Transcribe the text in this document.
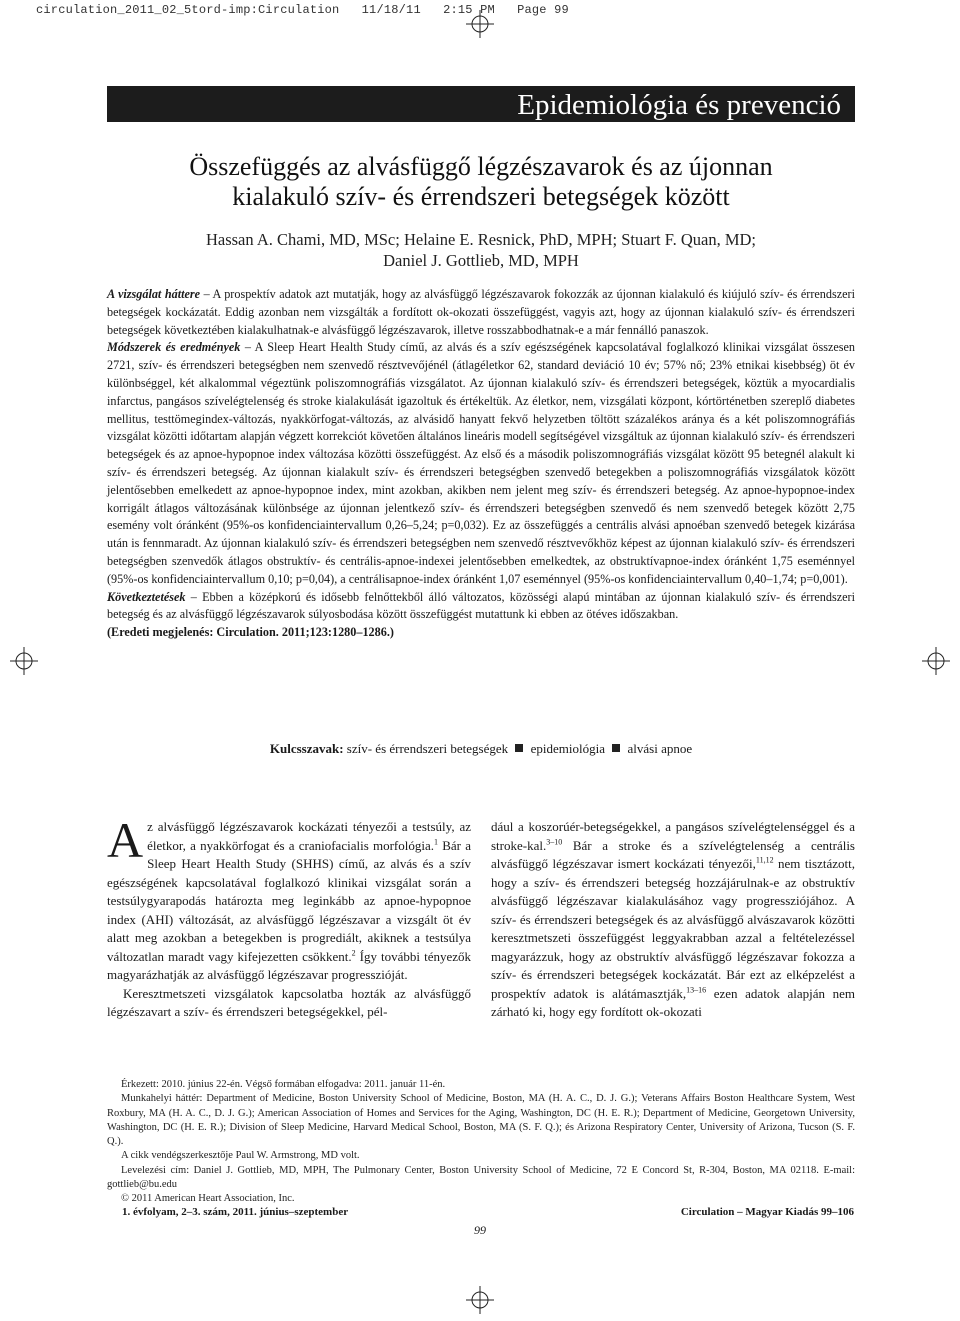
circulation_2011_02_5tord-imp:Circulation   11/18/11   2:15 PM   Page 99
Epidemiológia és prevenció
Összefüggés az alvásfüggő légzészavarok és az újonnan
kialakuló szív- és érrendszeri betegségek között
Hassan A. Chami, MD, MSc; Helaine E. Resnick, PhD, MPH; Stuart F. Quan, MD;
Daniel J. Gottlieb, MD, MPH

A vizsgálat háttere – A prospektív adatok azt mutatják, hogy az alvásfüggő légzészavarok fokozzák az újonnan kialakuló és kiújuló szív- és érrendszeri betegségek kockázatát. Eddig azonban nem vizsgálták a fordított ok-okozati összefüggést, vagyis azt, hogy az újonnan kialakuló szív- és érrendszeri betegségek következtében kialakulhatnak-e alvásfüggő légzészavarok, illetve rosszabbodhatnak-e a már fennálló panaszok.

Módszerek és eredmények – A Sleep Heart Health Study című, az alvás és a szív egészségének kapcsolatával foglalkozó klinikai vizsgálat összesen 2721, szív- és érrendszeri betegségben nem szenvedő résztvevőjénél (átlagéletkor 62, standard deviáció 10 év; 57% nő; 23% etnikai kisebbség) öt év különbséggel, két alkalommal végeztünk poliszomnográfiás vizsgálatot. Az újonnan kialakuló szív- és érrendszeri betegségek, köztük a myocardialis infarctus, pangásos szívelégtelenség és stroke kialakulását igazoltuk és értékeltük. Az életkor, nem, vizsgálati központ, kórtörténetben szereplő diabetes mellitus, testtömegindex-változás, nyakkörfogat-változás, az alvásidő hanyatt fekvő helyzetben töltött százalékos aránya és a két poliszomnográfiás vizsgálat közötti időtartam alapján végzett korrekciót követően általános lineáris modell segítségével vizsgáltuk az újonnan kialakuló szív- és érrendszeri betegségek és az apnoe-hypopnoe index változása közötti összefüggést. Az első és a második poliszomnográfiás vizsgálat között 95 betegnél alakult ki szív- és érrendszeri betegség. Az újonnan kialakult szív- és érrendszeri betegségben szenvedő betegekben a poliszomnográfiás vizsgálatok között jelentősebben emelkedett az apnoe-hypopnoe index, mint azokban, akikben nem jelent meg szív- és érrendszeri betegség. Az apnoe-hypopnoe-index korrigált átlagos változásának különbsége az újonnan jelentkező szív- és érrendszeri betegségben szenvedő és nem szenvedő betegek között 2,75 esemény volt óránként (95%-os konfidenciaintervallum 0,26–5,24; p=0,032). Ez az összefüggés a centrális alvási apnoéban szenvedő betegek kizárása után is fennmaradt. Az újonnan kialakuló szív- és érrendszeri betegségben nem szenvedő résztvevőkhöz képest az újonnan kialakuló szív- és érrendszeri betegségben szenvedők átlagos obstruktív- és centrális-apnoe-indexei jelentősebben emelkedtek, az obstruktívapnoe-index óránként 1,75 eseménnyel (95%-os konfidenciaintervallum 0,10; p=0,04), a centrálisapnoe-index óránként 1,07 eseménnyel (95%-os konfidenciaintervallum 0,40–1,74; p=0,001).

Következtetések – Ebben a középkorú és idősebb felnőttekből álló változatos, közösségi alapú mintában az újonnan kialakuló szív- és érrendszeri betegség és az alvásfüggő légzészavarok súlyosbodása között összefüggést mutattunk ki ebben az ötéves időszakban.

(Eredeti megjelenés: Circulation. 2011;123:1280–1286.)

Kulcsszavak: szív- és érrendszeri betegségek epidemiológia alvási apnoe

Az alvásfüggő légzészavarok kockázati tényezői a testsúly, az életkor, a nyakkörfogat és a craniofacialis morfológia.$^1$ Bár a Sleep Heart Health Study (SHHS) című, az alvás és a szív egészségének kapcsolatával foglalkozó klinikai vizsgálat során a testsúlygyarapodás határozta meg leginkább az apnoe-hypopnoe index (AHI) változását, az alvásfüggő légzészavar a vizsgált öt év alatt meg azokban a betegekben is progrediált, akiknek a testsúlya változatlan maradt vagy kifejezetten csökkent.$^2$ Így további tényezők magyarázhatják az alvásfüggő légzészavar progresszióját.

Keresztmetszeti vizsgálatok kapcsolatba hozták az alvásfüggő légzészavart a szív- és érrendszeri betegségekkel, pél-

dául a koszorúér-betegségekkel, a pangásos szívelégtelenséggel és a stroke-kal.$^{3-10}$ Bár a stroke és a szívelégtelenség a centrális alvásfüggő légzészavar ismert kockázati tényezői,$^{11,12}$ nem tisztázott, hogy a szív- és érrendszeri betegség hozzájárulnak-e az obstruktív alvásfüggő légzészavar kialakulásához vagy progressziójához. A szív- és érrendszeri betegségek és az alvásfüggő alvászavarok közötti keresztmetszeti összefüggést leggyakrabban azzal a feltételezéssel magyarázzuk, hogy az obstruktív alvásfüggő légzészavar fokozza a szív- és érrendszeri betegségek kockázatát. Bár ezt az elképzelést a prospektív adatok is alátámasztják,$^{13-16}$ ezen adatok alapján nem zárható ki, hogy egy fordított ok-okozati

Érkezett: 2010. június 22-én. Végső formában elfogadva: 2011. január 11-én.

Munkahelyi háttér: Department of Medicine, Boston University School of Medicine, Boston, MA (H. A. C., D. J. G.); Veterans Affairs Boston Healthcare System, West Roxbury, MA (H. A. C., D. J. G.); American Association of Homes and Services for the Aging, Washington, DC (H. E. R.); Department of Medicine, Georgetown University, Washington, DC (H. E. R.); Division of Sleep Medicine, Harvard Medical School, Boston, MA (S. F. Q.); és Arizona Respiratory Center, University of Arizona, Tucson (S. F. Q.).

A cikk vendégszerkesztője Paul W. Armstrong, MD volt.

Levelezési cím: Daniel J. Gottlieb, MD, MPH, The Pulmonary Center, Boston University School of Medicine, 72 E Concord St, R-304, Boston, MA 02118. E-mail: gottlieb@bu.edu

© 2011 American Heart Association, Inc.

1. évfolyam, 2–3. szám, 2011. június–szeptember	Circulation – Magyar Kiadás 99–106
99
